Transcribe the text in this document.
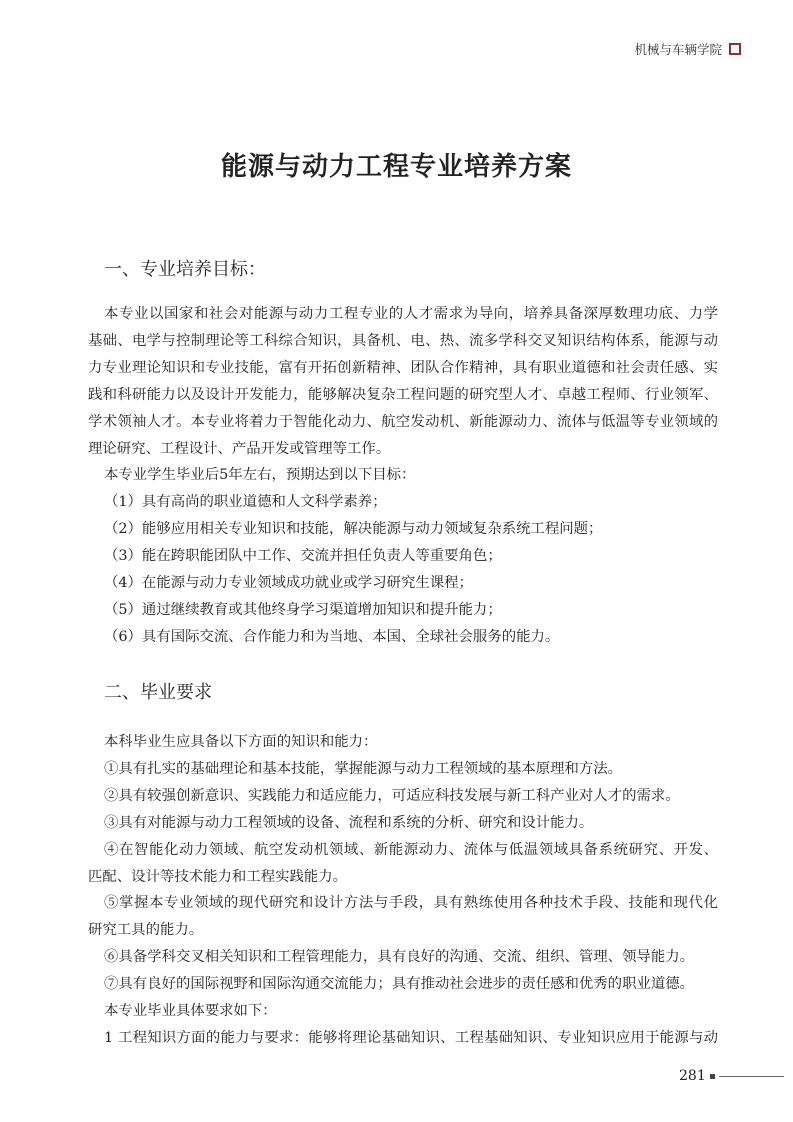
机械与车辆学院
能源与动力工程专业培养方案
一、专业培养目标：
本专业以国家和社会对能源与动力工程专业的人才需求为导向，培养具备深厚数理功底、力学
基础、电学与控制理论等工科综合知识，具备机、电、热、流多学科交叉知识结构体系，能源与动
力专业理论知识和专业技能，富有开拓创新精神、团队合作精神，具有职业道德和社会责任感、实
践和科研能力以及设计开发能力，能够解决复杂工程问题的研究型人才、卓越工程师、行业领军、
学术领袖人才。本专业将着力于智能化动力、航空发动机、新能源动力、流体与低温等专业领域的
理论研究、工程设计、产品开发或管理等工作。
本专业学生毕业后5年左右，预期达到以下目标：
（1）具有高尚的职业道德和人文科学素养；
（2）能够应用相关专业知识和技能，解决能源与动力领域复杂系统工程问题；
（3）能在跨职能团队中工作、交流并担任负责人等重要角色；
（4）在能源与动力专业领域成功就业或学习研究生课程；
（5）通过继续教育或其他终身学习渠道增加知识和提升能力；
（6）具有国际交流、合作能力和为当地、本国、全球社会服务的能力。
二、毕业要求
本科毕业生应具备以下方面的知识和能力：
①具有扎实的基础理论和基本技能，掌握能源与动力工程领域的基本原理和方法。
②具有较强创新意识、实践能力和适应能力，可适应科技发展与新工科产业对人才的需求。
③具有对能源与动力工程领域的设备、流程和系统的分析、研究和设计能力。
④在智能化动力领域、航空发动机领域、新能源动力、流体与低温领域具备系统研究、开发、
匹配、设计等技术能力和工程实践能力。
⑤掌握本专业领域的现代研究和设计方法与手段，具有熟练使用各种技术手段、技能和现代化
研究工具的能力。
⑥具备学科交叉相关知识和工程管理能力，具有良好的沟通、交流、组织、管理、领导能力。
⑦具有良好的国际视野和国际沟通交流能力；具有推动社会进步的责任感和优秀的职业道德。
本专业毕业具体要求如下：
1 工程知识方面的能力与要求：能够将理论基础知识、工程基础知识、专业知识应用于能源与动
281
